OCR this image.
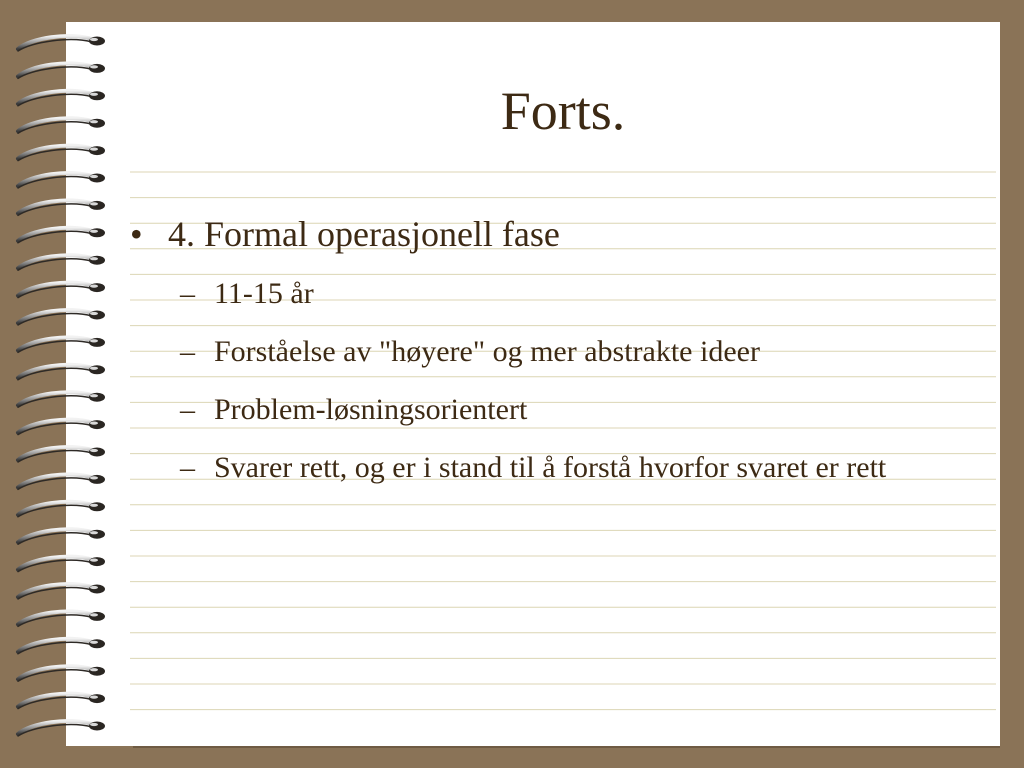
Forts.
• 4. Formal operasjonell fase
– 11-15 år
– Forståelse av "høyere" og mer abstrakte ideer
– Problem-løsningsorientert
– Svarer rett, og er i stand til å forstå hvorfor svaret er rett
